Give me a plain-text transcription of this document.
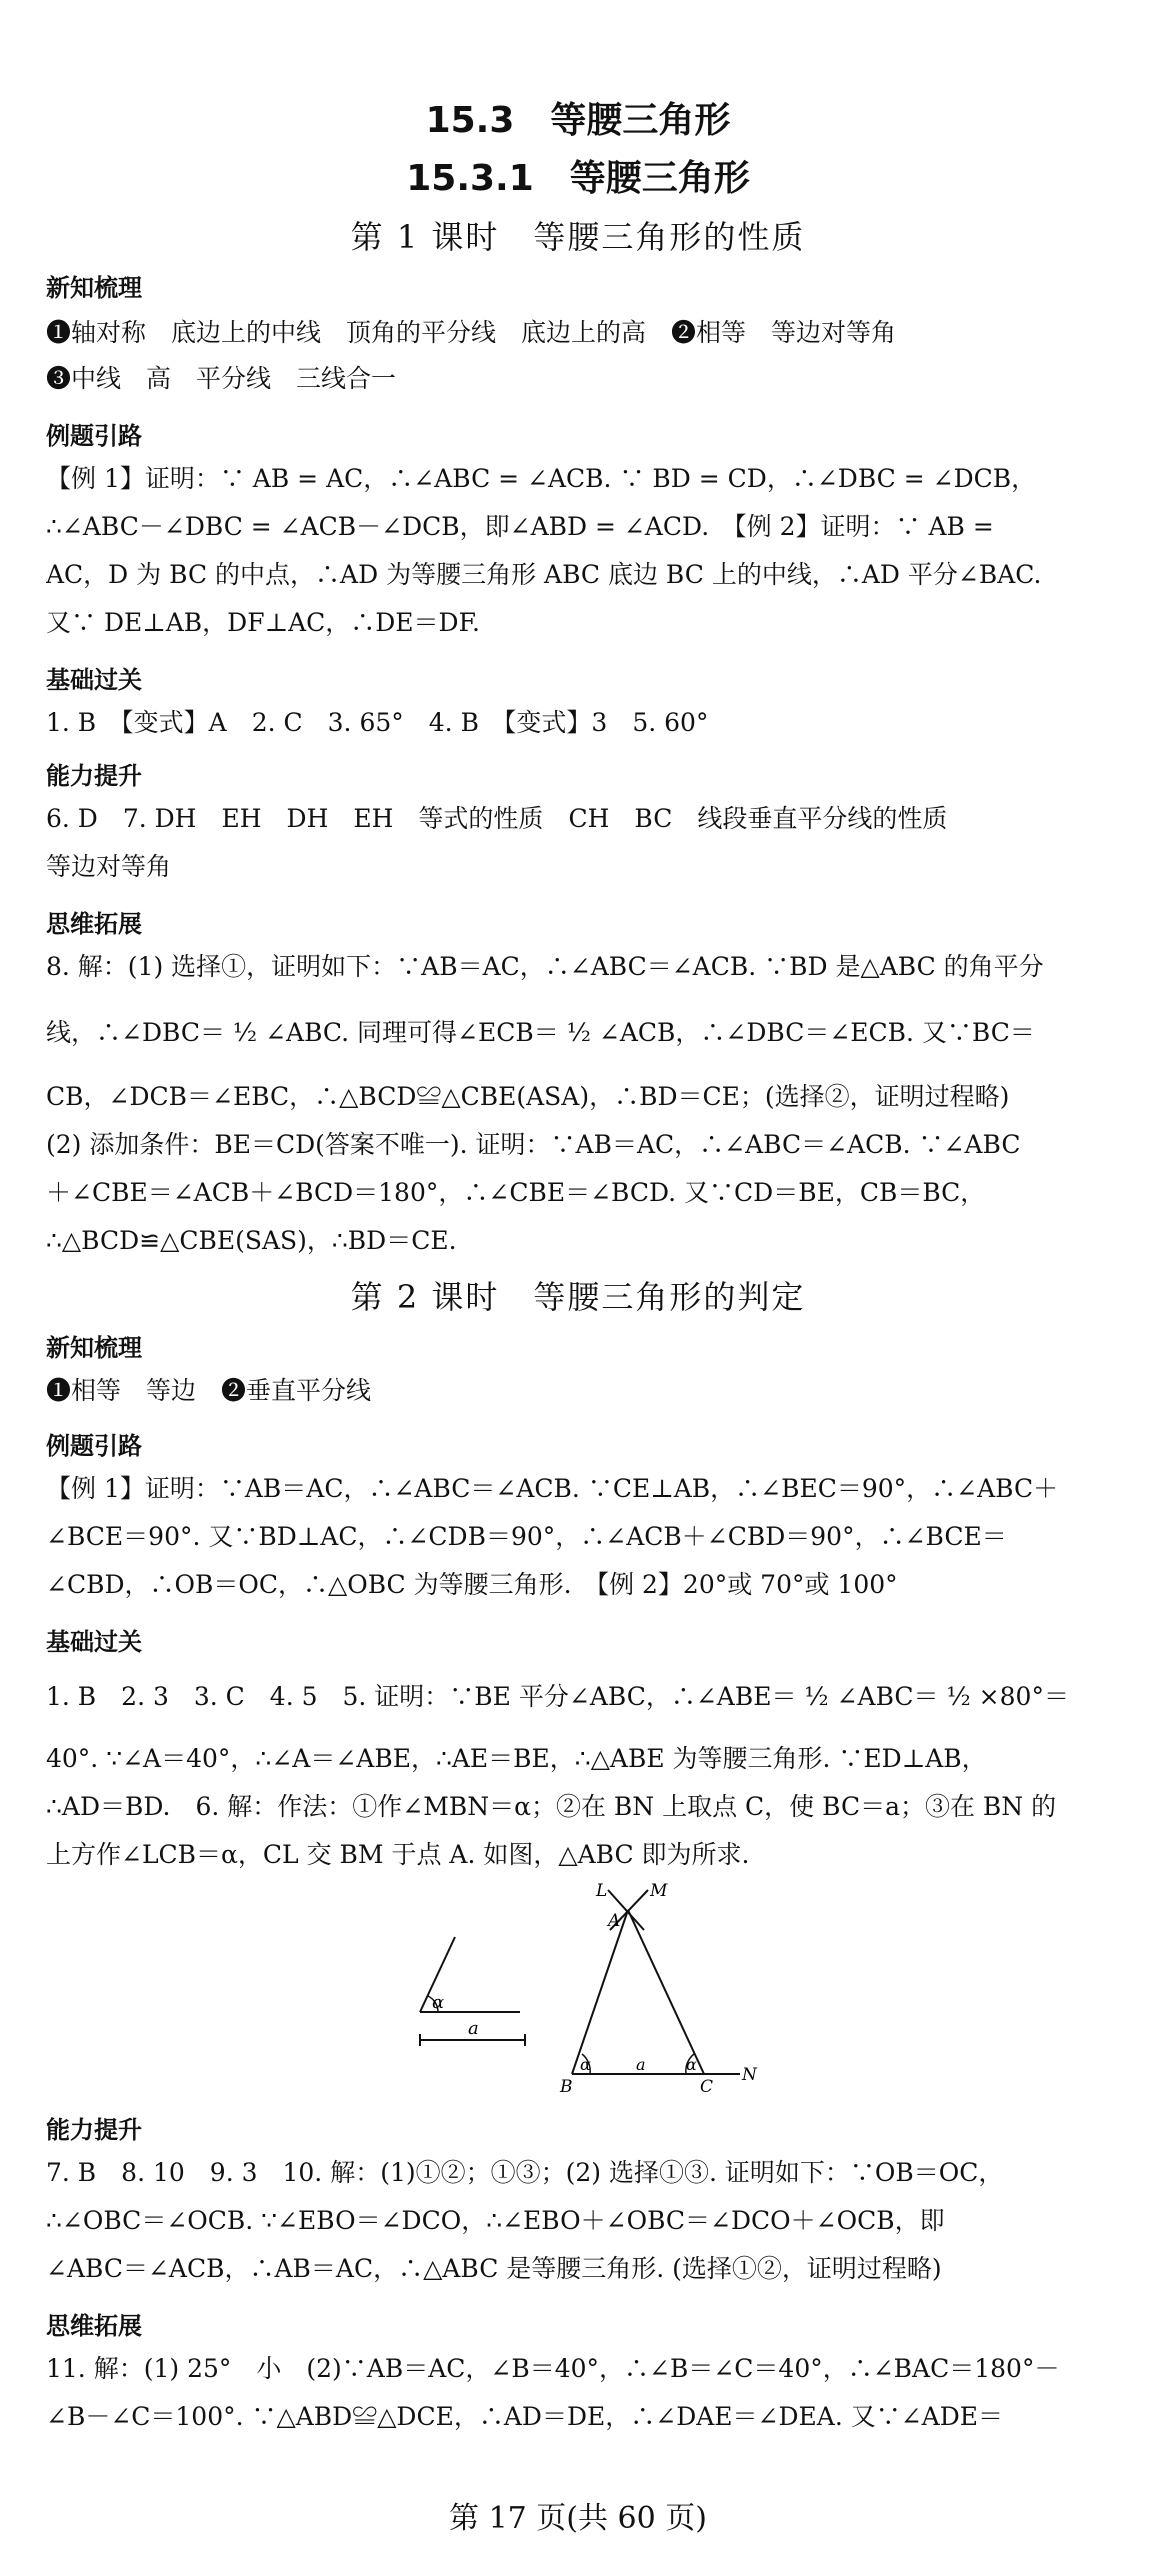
15.3　等腰三角形
15.3.1　等腰三角形
第 1 课时　等腰三角形的性质
新知梳理
❶轴对称　底边上的中线　顶角的平分线　底边上的高　❷相等　等边对等角
❸中线　高　平分线　三线合一
例题引路
【例 1】证明：∵ AB = AC，∴∠ABC = ∠ACB. ∵ BD = CD，∴∠DBC = ∠DCB，
∴∠ABC－∠DBC = ∠ACB－∠DCB，即∠ABD = ∠ACD.　【例 2】证明：∵ AB =
AC，D 为 BC 的中点，∴AD 为等腰三角形 ABC 底边 BC 上的中线，∴AD 平分∠BAC.
又∵ DE⊥AB，DF⊥AC，∴DE＝DF.
基础过关
1. B　【变式】A　2. C　3. 65°　4. B　【变式】3　5. 60°
能力提升
6. D　7. DH　EH　DH　EH　等式的性质　CH　BC　线段垂直平分线的性质
等边对等角
思维拓展
8. 解：(1) 选择①，证明如下：∵AB＝AC，∴∠ABC＝∠ACB. ∵BD 是△ABC 的角平分
线，∴∠DBC＝ ½ ∠ABC. 同理可得∠ECB＝ ½ ∠ACB，∴∠DBC＝∠ECB. 又∵BC＝
CB，∠DCB＝∠EBC，∴△BCD≌△CBE(ASA)，∴BD＝CE；(选择②，证明过程略)
(2) 添加条件：BE＝CD(答案不唯一). 证明：∵AB＝AC，∴∠ABC＝∠ACB. ∵∠ABC
＋∠CBE＝∠ACB＋∠BCD＝180°，∴∠CBE＝∠BCD. 又∵CD＝BE，CB＝BC，
∴△BCD≌△CBE(SAS)，∴BD＝CE.
第 2 课时　等腰三角形的判定
新知梳理
❶相等　等边　❷垂直平分线
例题引路
【例 1】证明：∵AB＝AC，∴∠ABC＝∠ACB. ∵CE⊥AB，∴∠BEC＝90°，∴∠ABC＋
∠BCE＝90°. 又∵BD⊥AC，∴∠CDB＝90°，∴∠ACB＋∠CBD＝90°，∴∠BCE＝
∠CBD，∴OB＝OC，∴△OBC 为等腰三角形.　【例 2】20°或 70°或 100°
基础过关
1. B　2. 3　3. C　4. 5　5. 证明：∵BE 平分∠ABC，∴∠ABE＝ ½ ∠ABC＝ ½ ×80°＝
40°. ∵∠A＝40°，∴∠A＝∠ABE，∴AE＝BE，∴△ABE 为等腰三角形. ∵ED⊥AB，
∴AD＝BD.　6. 解：作法：①作∠MBN＝α；②在 BN 上取点 C，使 BC＝a；③在 BN 的
上方作∠LCB＝α，CL 交 BM 于点 A. 如图，△ABC 即为所求.
α
a
α	α
a
L	M
A
B	C
N
能力提升
7. B　8. 10　9. 3　10. 解：(1)①②；①③；(2) 选择①③. 证明如下：∵OB＝OC，
∴∠OBC＝∠OCB. ∵∠EBO＝∠DCO，∴∠EBO＋∠OBC＝∠DCO＋∠OCB，即
∠ABC＝∠ACB，∴AB＝AC，∴△ABC 是等腰三角形. (选择①②，证明过程略)
思维拓展
11. 解：(1) 25°　小　(2)∵AB＝AC，∠B＝40°，∴∠B＝∠C＝40°，∴∠BAC＝180°－
∠B－∠C＝100°. ∵△ABD≌△DCE，∴AD＝DE，∴∠DAE＝∠DEA. 又∵∠ADE＝
第 17 页(共 60 页)
